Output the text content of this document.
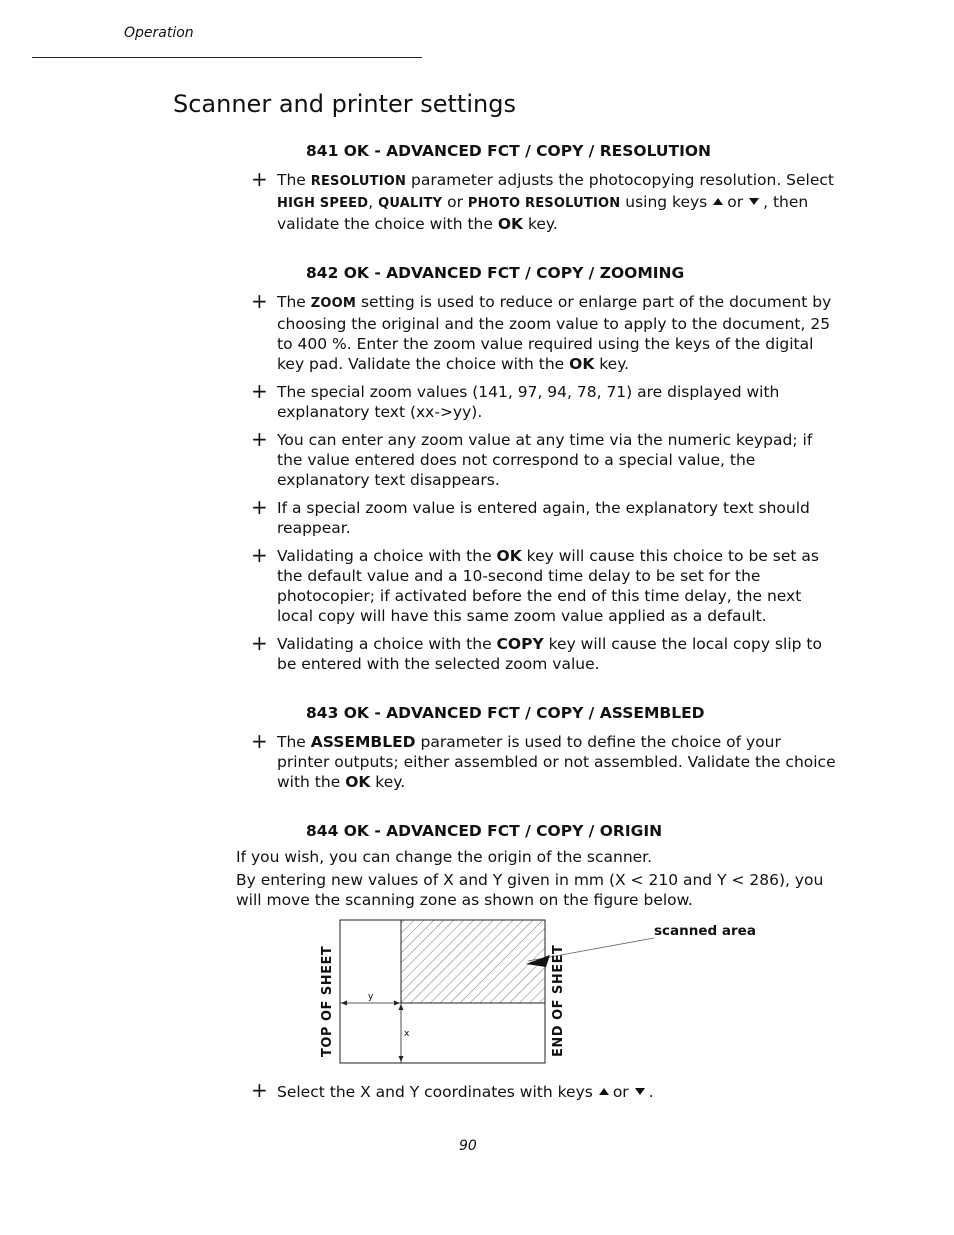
Operation
Scanner and printer settings
841 OK - ADVANCED FCT / COPY / RESOLUTION
+ The RESOLUTION parameter adjusts the photocopying resolution. Select HIGH SPEED, QUALITY or PHOTO RESOLUTION using keys or , then validate the choice with the OK key.
842 OK - ADVANCED FCT / COPY / ZOOMING
+ The ZOOM setting is used to reduce or enlarge part of the document by choosing the original and the zoom value to apply to the document, 25 to 400 %. Enter the zoom value required using the keys of the digital key pad. Validate the choice with the OK key.
+ The special zoom values (141, 97, 94, 78, 71) are displayed with explanatory text (xx->yy).
+ You can enter any zoom value at any time via the numeric keypad; if the value entered does not correspond to a special value, the explanatory text disappears.
+ If a special zoom value is entered again, the explanatory text should reappear.
+ Validating a choice with the OK key will cause this choice to be set as the default value and a 10-second time delay to be set for the photocopier; if activated before the end of this time delay, the next local copy will have this same zoom value applied as a default.
+ Validating a choice with the COPY key will cause the local copy slip to be entered with the selected zoom value.
843 OK - ADVANCED FCT / COPY / ASSEMBLED
+ The ASSEMBLED parameter is used to define the choice of your printer outputs; either assembled or not assembled. Validate the choice with the OK key.
844 OK - ADVANCED FCT / COPY / ORIGIN

If you wish, you can change the origin of the scanner.

By entering new values of X and Y given in mm (X < 210 and Y < 286), you will move the scanning zone as shown on the figure below.

y
x
TOP OF SHEET	END OF SHEET
scanned area
+ Select the X and Y coordinates with keys or .
90
